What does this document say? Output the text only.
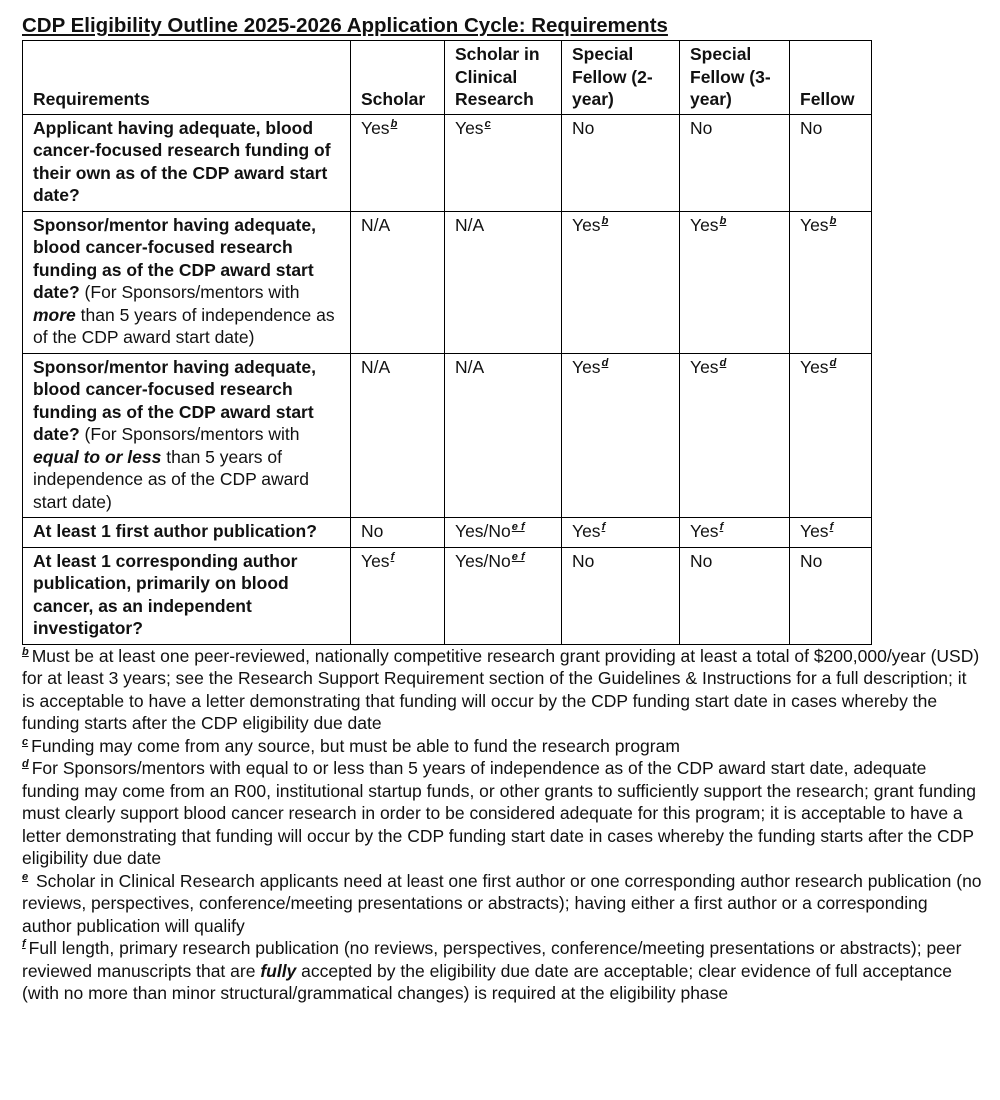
CDP Eligibility Outline 2025-2026 Application Cycle: Requirements
Requirements	Scholar	Scholar in Clinical Research	Special Fellow (2-year)	Special Fellow (3-year)	Fellow
Applicant having adequate, blood cancer-focused research funding of their own as of the CDP award start date?	Yes$^b$	Yes$^c$	No	No	No
Sponsor/mentor having adequate, blood cancer-focused research funding as of the CDP award start date? (For Sponsors/mentors with more than 5 years of independence as of the CDP award start date)	N/A	N/A	Yes$^b$	Yes$^b$	Yes$^b$
Sponsor/mentor having adequate, blood cancer-focused research funding as of the CDP award start date? (For Sponsors/mentors with equal to or less than 5 years of independence as of the CDP award start date)	N/A	N/A	Yes$^d$	Yes$^d$	Yes$^d$
At least 1 first author publication?	No	Yes/No$^{e f}$	Yes$^f$	Yes$^f$	Yes$^f$
At least 1 corresponding author publication, primarily on blood cancer, as an independent investigator?	Yes$^f$	Yes/No$^{e f}$	No	No	No

$^b$ Must be at least one peer-reviewed, nationally competitive research grant providing at least a total of $200,000/year (USD) for at least 3 years; see the Research Support Requirement section of the Guidelines & Instructions for a full description; it is acceptable to have a letter demonstrating that funding will occur by the CDP funding start date in cases whereby the funding starts after the CDP eligibility due date

$^c$ Funding may come from any source, but must be able to fund the research program

$^d$ For Sponsors/mentors with equal to or less than 5 years of independence as of the CDP award start date, adequate funding may come from an R00, institutional startup funds, or other grants to sufficiently support the research; grant funding must clearly support blood cancer research in order to be considered adequate for this program; it is acceptable to have a letter demonstrating that funding will occur by the CDP funding start date in cases whereby the funding starts after the CDP eligibility due date

$^e$ Scholar in Clinical Research applicants need at least one first author or one corresponding author research publication (no reviews, perspectives, conference/meeting presentations or abstracts); having either a first author or a corresponding author publication will qualify

$^f$ Full length, primary research publication (no reviews, perspectives, conference/meeting presentations or abstracts); peer reviewed manuscripts that are fully accepted by the eligibility due date are acceptable; clear evidence of full acceptance (with no more than minor structural/grammatical changes) is required at the eligibility phase
